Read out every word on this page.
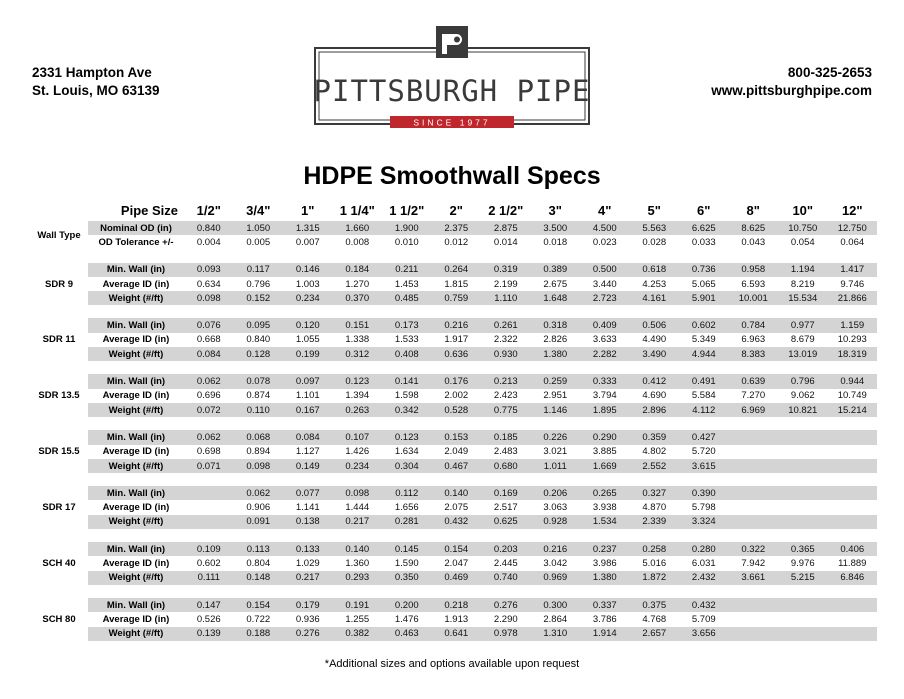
2331 Hampton Ave
St. Louis, MO 63139
800-325-2653
www.pittsburghpipe.com
PITTSBURGH PIPE
SINCE 1977
HDPE Smoothwall Specs
	Pipe Size	1/2"	3/4"	1"	1 1/4"	1 1/2"	2"	2 1/2"	3"	4"	5"	6"	8"	10"	12"
Wall Type	Nominal OD (in)	0.840	1.050	1.315	1.660	1.900	2.375	2.875	3.500	4.500	5.563	6.625	8.625	10.750	12.750
	OD Tolerance +/-	0.004	0.005	0.007	0.008	0.010	0.012	0.014	0.018	0.023	0.028	0.033	0.043	0.054	0.064

SDR 9	Min. Wall (in)	0.093	0.117	0.146	0.184	0.211	0.264	0.319	0.389	0.500	0.618	0.736	0.958	1.194	1.417
	Average ID (in)	0.634	0.796	1.003	1.270	1.453	1.815	2.199	2.675	3.440	4.253	5.065	6.593	8.219	9.746
	Weight (#/ft)	0.098	0.152	0.234	0.370	0.485	0.759	1.110	1.648	2.723	4.161	5.901	10.001	15.534	21.866

SDR 11	Min. Wall (in)	0.076	0.095	0.120	0.151	0.173	0.216	0.261	0.318	0.409	0.506	0.602	0.784	0.977	1.159
	Average ID (in)	0.668	0.840	1.055	1.338	1.533	1.917	2.322	2.826	3.633	4.490	5.349	6.963	8.679	10.293
	Weight (#/ft)	0.084	0.128	0.199	0.312	0.408	0.636	0.930	1.380	2.282	3.490	4.944	8.383	13.019	18.319

SDR 13.5	Min. Wall (in)	0.062	0.078	0.097	0.123	0.141	0.176	0.213	0.259	0.333	0.412	0.491	0.639	0.796	0.944
	Average ID (in)	0.696	0.874	1.101	1.394	1.598	2.002	2.423	2.951	3.794	4.690	5.584	7.270	9.062	10.749
	Weight (#/ft)	0.072	0.110	0.167	0.263	0.342	0.528	0.775	1.146	1.895	2.896	4.112	6.969	10.821	15.214

SDR 15.5	Min. Wall (in)	0.062	0.068	0.084	0.107	0.123	0.153	0.185	0.226	0.290	0.359	0.427			
	Average ID (in)	0.698	0.894	1.127	1.426	1.634	2.049	2.483	3.021	3.885	4.802	5.720			
	Weight (#/ft)	0.071	0.098	0.149	0.234	0.304	0.467	0.680	1.011	1.669	2.552	3.615			

SDR 17	Min. Wall (in)		0.062	0.077	0.098	0.112	0.140	0.169	0.206	0.265	0.327	0.390			
	Average ID (in)		0.906	1.141	1.444	1.656	2.075	2.517	3.063	3.938	4.870	5.798			
	Weight (#/ft)		0.091	0.138	0.217	0.281	0.432	0.625	0.928	1.534	2.339	3.324			

SCH 40	Min. Wall (in)	0.109	0.113	0.133	0.140	0.145	0.154	0.203	0.216	0.237	0.258	0.280	0.322	0.365	0.406
	Average ID (in)	0.602	0.804	1.029	1.360	1.590	2.047	2.445	3.042	3.986	5.016	6.031	7.942	9.976	11.889
	Weight (#/ft)	0.111	0.148	0.217	0.293	0.350	0.469	0.740	0.969	1.380	1.872	2.432	3.661	5.215	6.846

SCH 80	Min. Wall (in)	0.147	0.154	0.179	0.191	0.200	0.218	0.276	0.300	0.337	0.375	0.432			
	Average ID (in)	0.526	0.722	0.936	1.255	1.476	1.913	2.290	2.864	3.786	4.768	5.709			
	Weight (#/ft)	0.139	0.188	0.276	0.382	0.463	0.641	0.978	1.310	1.914	2.657	3.656			
*Additional sizes and options available upon request
